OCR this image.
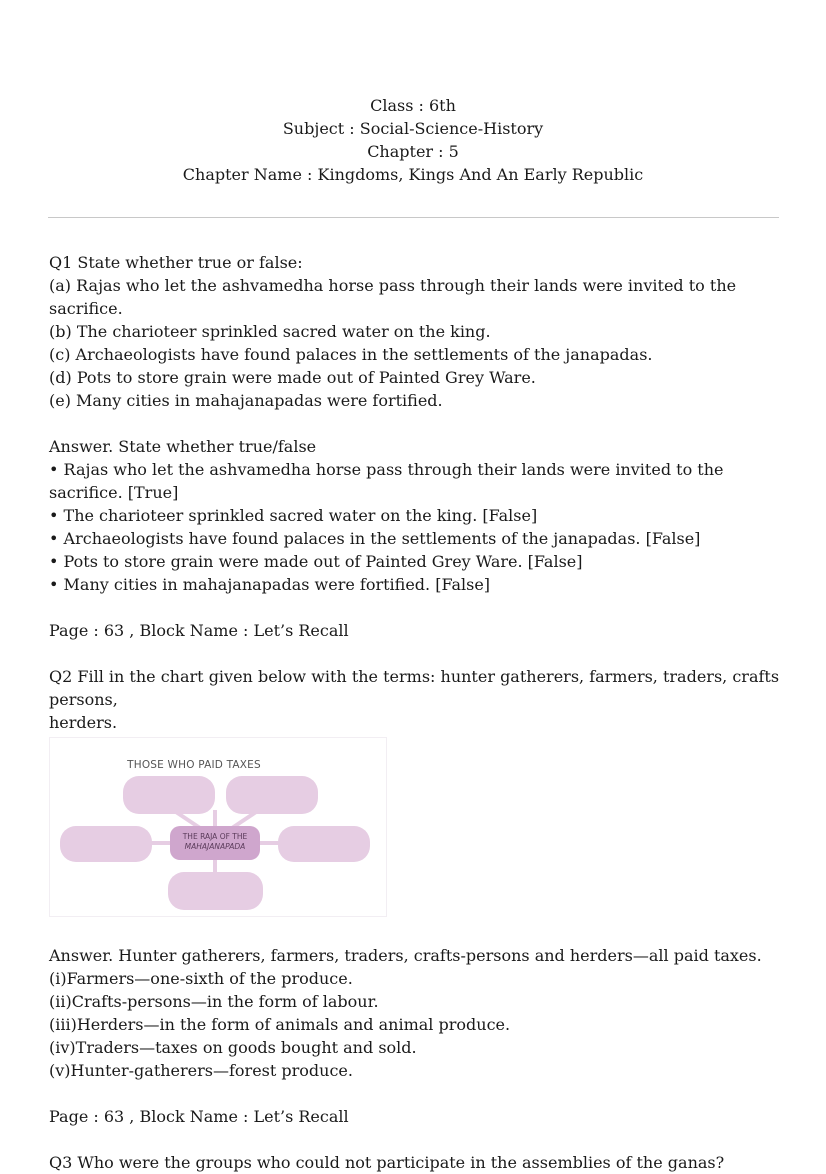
Class : 6th
Subject : Social-Science-History
Chapter : 5
Chapter Name : Kingdoms, Kings And An Early Republic

Q1 State whether true or false:

(a) Rajas who let the ashvamedha horse pass through their lands were invited to the sacrifice.

(b) The charioteer sprinkled sacred water on the king.

(c) Archaeologists have found palaces in the settlements of the janapadas.

(d) Pots to store grain were made out of Painted Grey Ware.

(e) Many cities in mahajanapadas were fortified.

Answer. State whether true/false

• Rajas who let the ashvamedha horse pass through their lands were invited to the sacrifice. [True]

• The charioteer sprinkled sacred water on the king. [False]

• Archaeologists have found palaces in the settlements of the janapadas. [False]

• Pots to store grain were made out of Painted Grey Ware. [False]

• Many cities in mahajanapadas were fortified. [False]

Page : 63 , Block Name : Let’s Recall

Q2 Fill in the chart given below with the terms: hunter gatherers, farmers, traders, crafts persons,

herders.

THOSE WHO PAID TAXES
THE RAJA OF THE
MAHAJANAPADA

Answer. Hunter gatherers, farmers, traders, crafts-persons and herders—all paid taxes.

(i)Farmers—one-sixth of the produce.

(ii)Crafts-persons—in the form of labour.

(iii)Herders—in the form of animals and animal produce.

(iv)Traders—taxes on goods bought and sold.

(v)Hunter-gatherers—forest produce.

Page : 63 , Block Name : Let’s Recall

Q3 Who were the groups who could not participate in the assemblies of the ganas?
